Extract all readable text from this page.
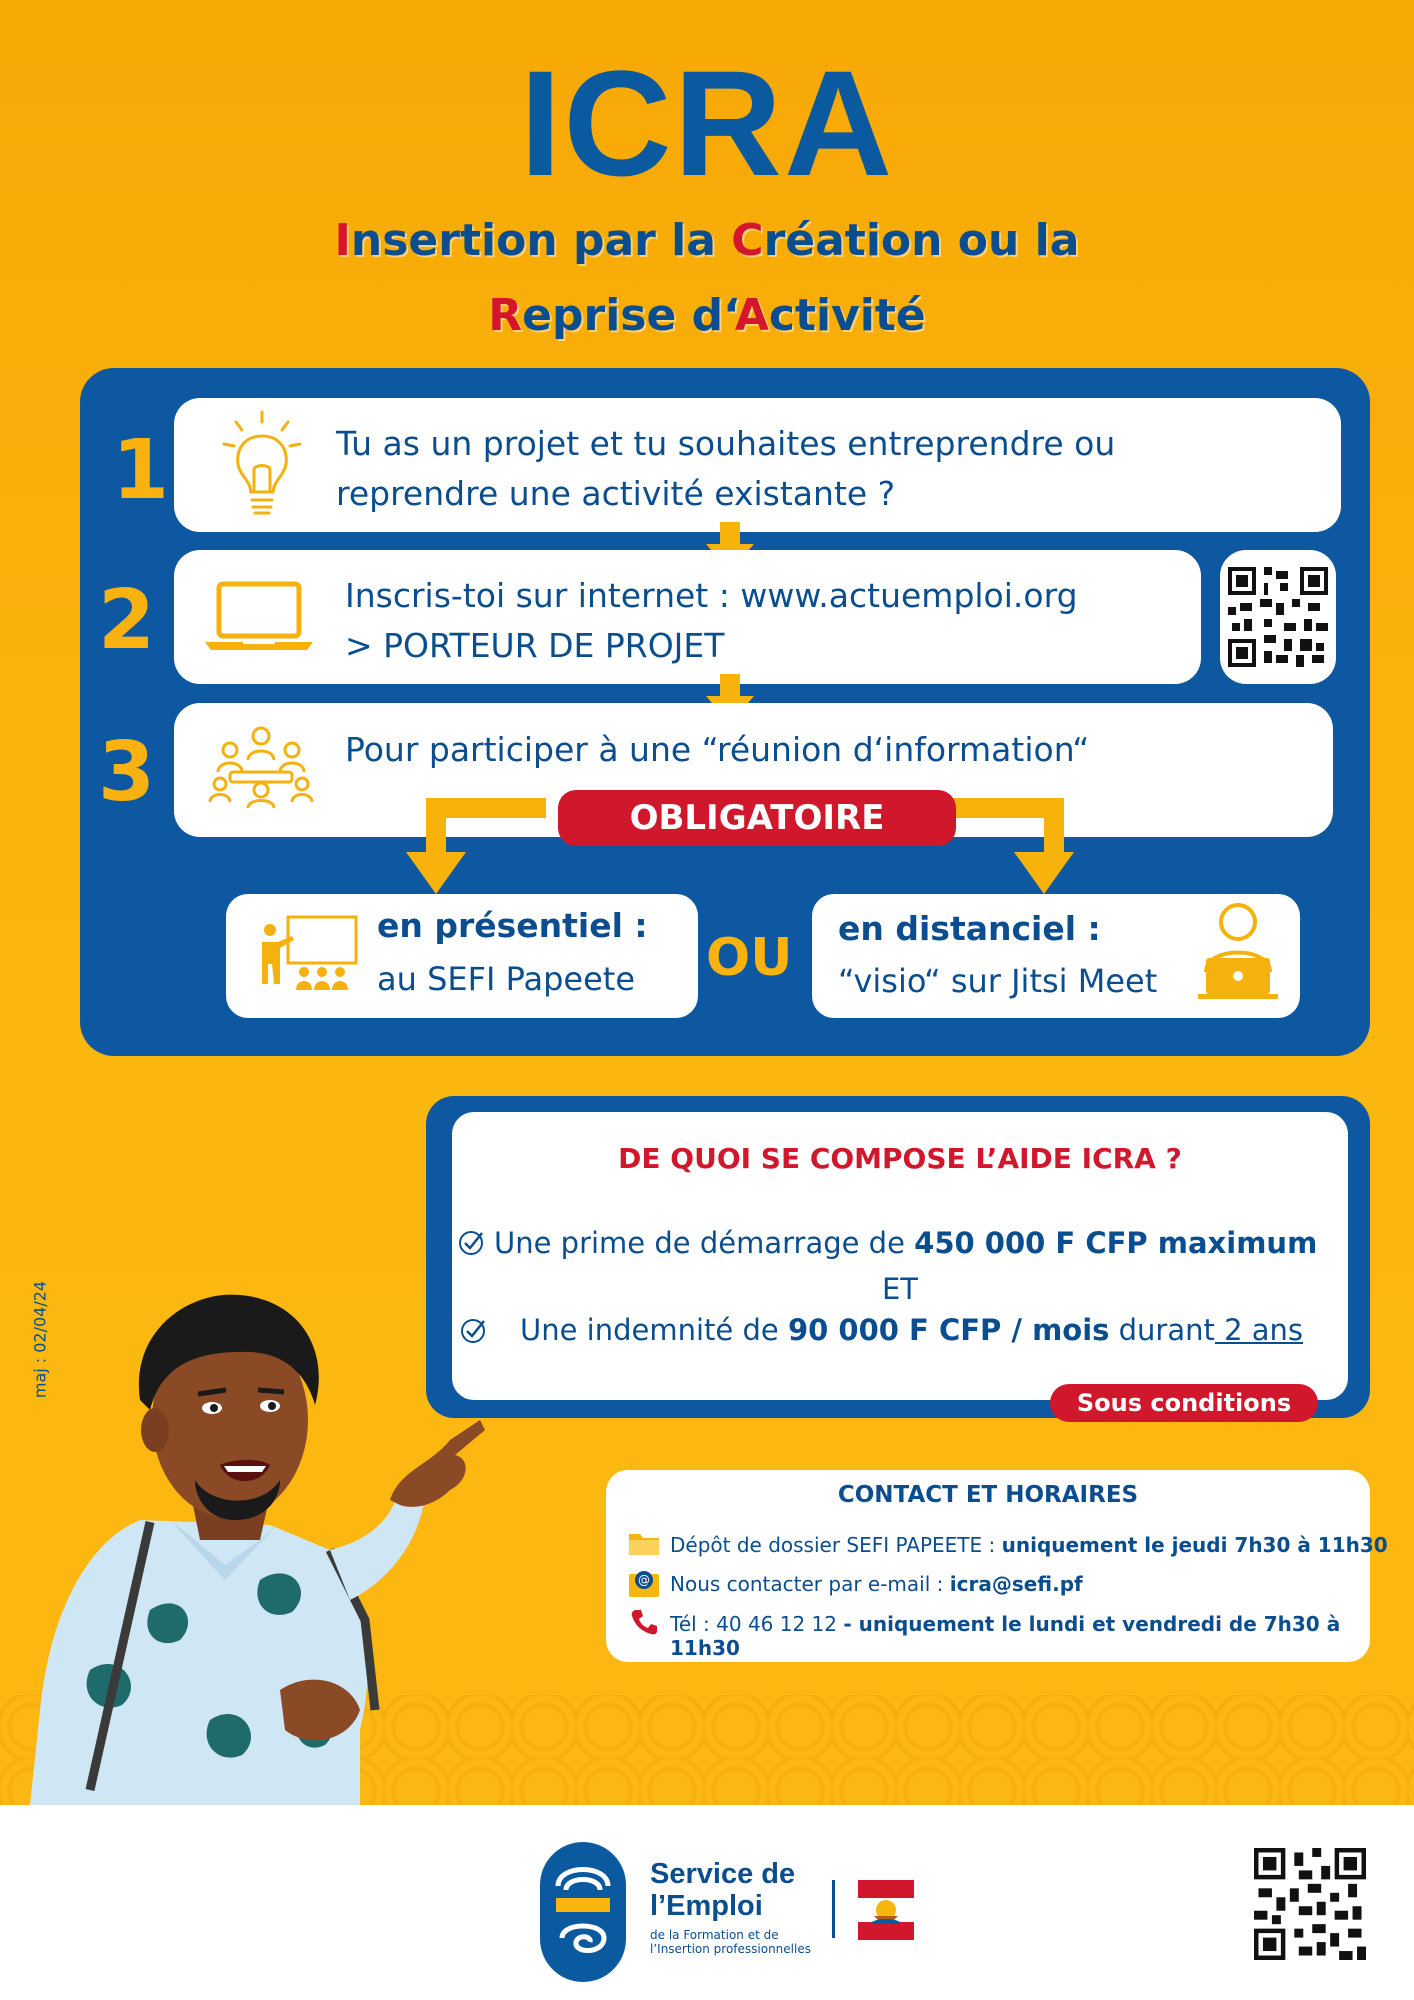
ICRA
Insertion par la Création ou la
Reprise d‘Activité
1	Tu as un projet et tu souhaites entreprendre ou
reprendre une activité existante ?
2	Inscris-toi sur internet : www.actuemploi.org
> PORTEUR DE PROJET
3	Pour participer à une “réunion d‘information“
OBLIGATOIRE
en présentiel :
au SEFI Papeete OU en distanciel :
“visio“ sur Jitsi Meet
DE QUOI SE COMPOSE L’AIDE ICRA ?
Une prime de démarrage de 450 000 F CFP maximum
ET
Une indemnité de 90 000 F CFP / mois durant 2 ans
Sous conditions
maj : 02/04/24
CONTACT ET HORAIRES
Dépôt de dossier SEFI PAPEETE : uniquement le jeudi 7h30 à 11h30
@ Nous contacter par e-mail : icra@sefi.pf
Tél : 40 46 12 12 - uniquement le lundi et vendredi de 7h30 à 11h30
Service de
l’Emploi
de la Formation et de
l’Insertion professionnelles
